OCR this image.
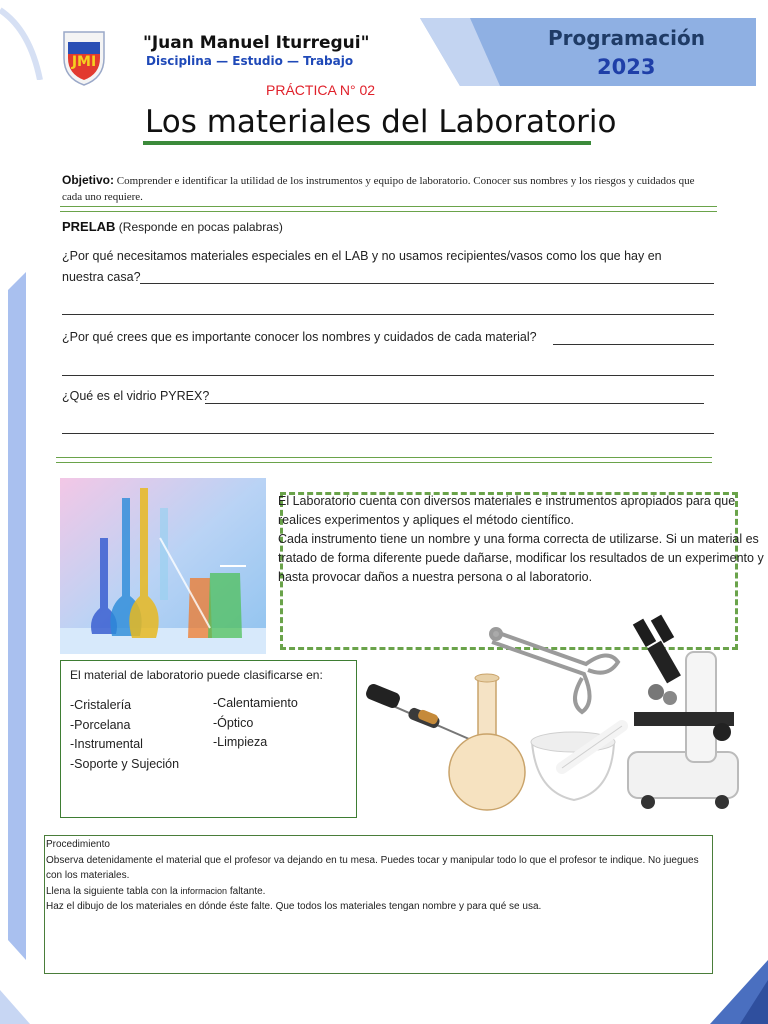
Programación
2023
JMI
"Juan Manuel Iturregui"
Disciplina — Estudio — Trabajo
PRÁCTICA N° 02
Los materiales del Laboratorio
Objetivo: Comprender e identificar la utilidad de los instrumentos y equipo de laboratorio. Conocer sus nombres y los riesgos y cuidados que cada uno requiere.
PRELAB (Responde en pocas palabras)
¿Por qué necesitamos materiales especiales en el LAB y no usamos recipientes/vasos como los que hay en
nuestra casa?
¿Por qué crees que es importante conocer los nombres y cuidados de cada material?
¿Qué es el vidrio PYREX?
El Laboratorio cuenta con diversos materiales e instrumentos apropiados para que realices experimentos y apliques el método científico.
Cada instrumento tiene un nombre y una forma correcta de utilizarse. Si un material es tratado de forma diferente puede dañarse, modificar los resultados de un experimento y hasta provocar daños a nuestra persona o al laboratorio.
El material de laboratorio puede clasificarse en:
-Cristalería
-Porcelana
-Instrumental
-Soporte y Sujeción
-Calentamiento
-Óptico
-Limpieza
Procedimiento
Observa detenidamente el material que el profesor va dejando en tu mesa. Puedes tocar y manipular todo lo que el profesor te indique. No juegues con los materiales.
Llena la siguiente tabla con la informacion faltante.
Haz el dibujo de los materiales en dónde éste falte. Que todos los materiales tengan nombre y para qué se usa.
